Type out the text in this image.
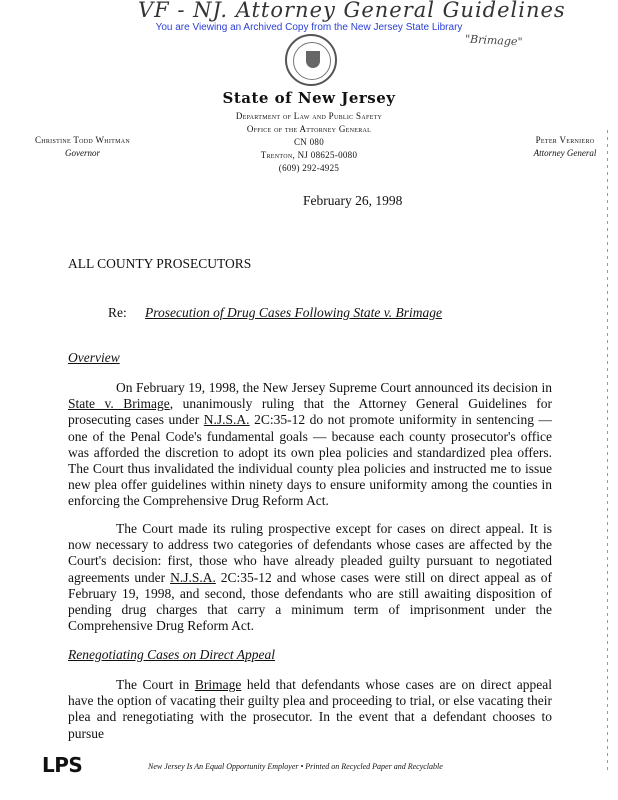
VF - NJ. Attorney General Guidelines
"Brimage"
You are Viewing an Archived Copy from the New Jersey State Library
State of New Jersey
Department of Law and Public Safety
Office of the Attorney General
CN 080
Trenton, NJ 08625-0080
(609) 292-4925
Christine Todd Whitman
Governor
Peter Verniero
Attorney General
February 26, 1998
ALL COUNTY PROSECUTORS
Re: Prosecution of Drug Cases Following State v. Brimage
Overview
On February 19, 1998, the New Jersey Supreme Court announced its decision in State v. Brimage, unanimously ruling that the Attorney General Guidelines for prosecuting cases under N.J.S.A. 2C:35-12 do not promote uniformity in sentencing — one of the Penal Code's fundamental goals — because each county prosecutor's office was afforded the discretion to adopt its own plea policies and standardized plea offers. The Court thus invalidated the individual county plea policies and instructed me to issue new plea offer guidelines within ninety days to ensure uniformity among the counties in enforcing the Comprehensive Drug Reform Act.
The Court made its ruling prospective except for cases on direct appeal. It is now necessary to address two categories of defendants whose cases are affected by the Court's decision: first, those who have already pleaded guilty pursuant to negotiated agreements under N.J.S.A. 2C:35-12 and whose cases were still on direct appeal as of February 19, 1998, and second, those defendants who are still awaiting disposition of pending drug charges that carry a minimum term of imprisonment under the Comprehensive Drug Reform Act.
Renegotiating Cases on Direct Appeal
The Court in Brimage held that defendants whose cases are on direct appeal have the option of vacating their guilty plea and proceeding to trial, or else vacating their plea and renegotiating with the prosecutor. In the event that a defendant chooses to pursue
LPS	New Jersey Is An Equal Opportunity Employer • Printed on Recycled Paper and Recyclable
